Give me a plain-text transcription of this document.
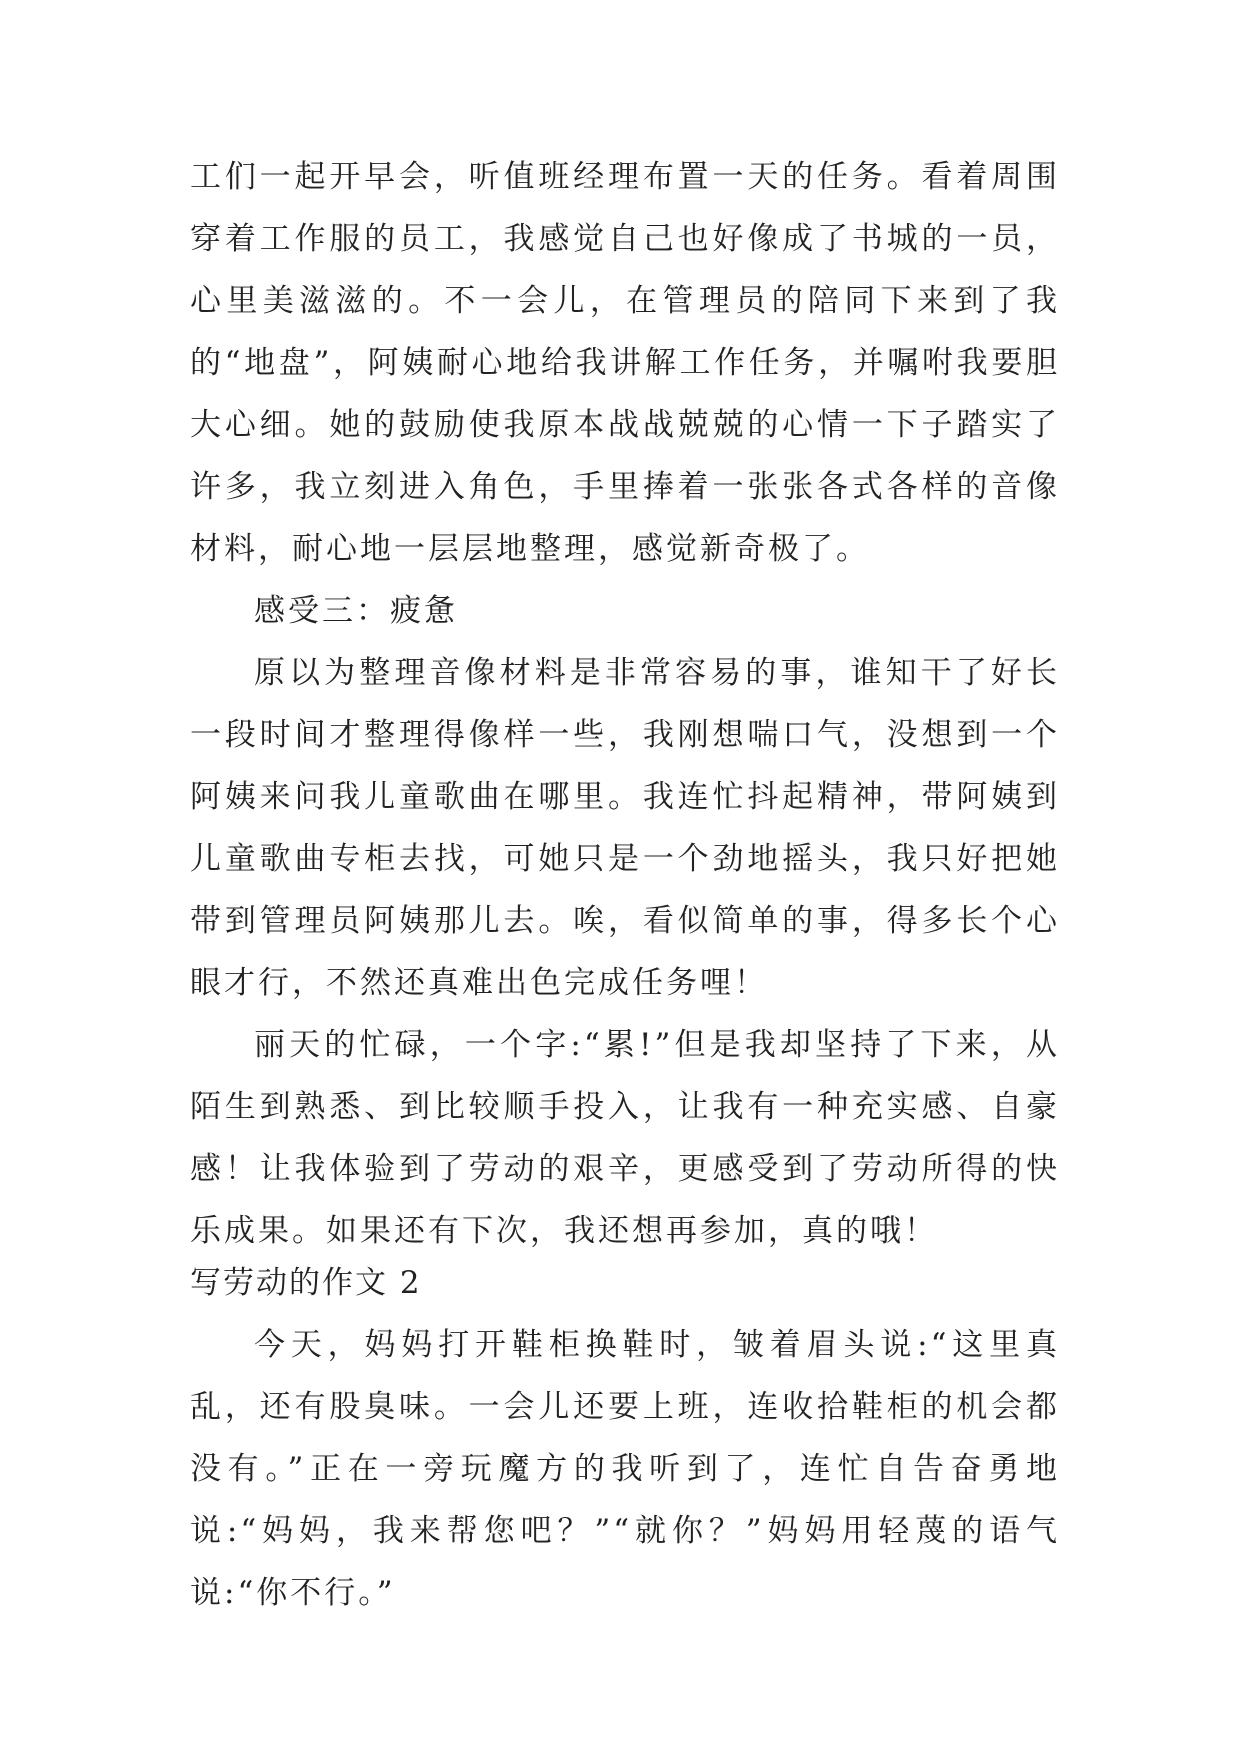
工们一起开早会，听值班经理布置一天的任务。看着周围穿着工作服的员工，我感觉自己也好像成了书城的一员，心里美滋滋的。不一会儿，在管理员的陪同下来到了我的“地盘”，阿姨耐心地给我讲解工作任务，并嘱咐我要胆大心细。她的鼓励使我原本战战兢兢的心情一下子踏实了许多，我立刻进入角色，手里捧着一张张各式各样的音像材料，耐心地一层层地整理，感觉新奇极了。

感受三：疲惫

原以为整理音像材料是非常容易的事，谁知干了好长一段时间才整理得像样一些，我刚想喘口气，没想到一个阿姨来问我儿童歌曲在哪里。我连忙抖起精神，带阿姨到儿童歌曲专柜去找，可她只是一个劲地摇头，我只好把她带到管理员阿姨那儿去。唉，看似简单的事，得多长个心眼才行，不然还真难出色完成任务哩！

丽天的忙碌，一个字:“累!”但是我却坚持了下来，从陌生到熟悉、到比较顺手投入，让我有一种充实感、自豪感！让我体验到了劳动的艰辛，更感受到了劳动所得的快乐成果。如果还有下次，我还想再参加，真的哦！

写劳动的作文 2

今天，妈妈打开鞋柜换鞋时，皱着眉头说:“这里真乱，还有股臭味。一会儿还要上班，连收拾鞋柜的机会都没有。”正在一旁玩魔方的我听到了，连忙自告奋勇地说:“妈妈，我来帮您吧？”“就你？”妈妈用轻蔑的语气说:“你不行。”
